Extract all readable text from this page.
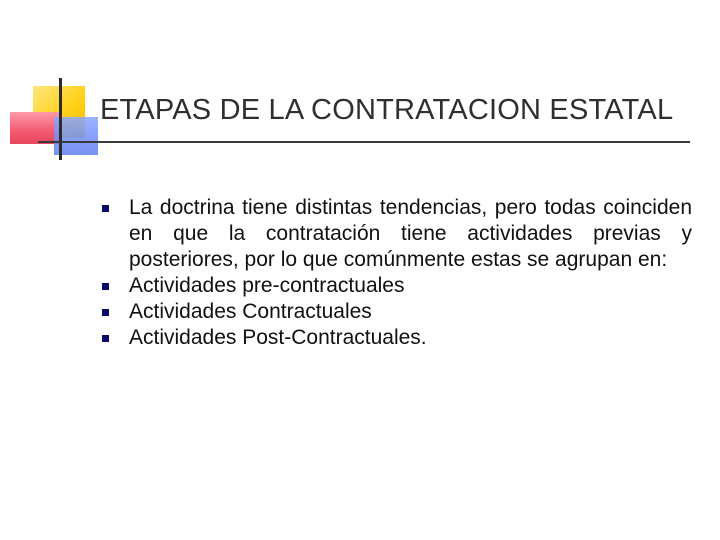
ETAPAS DE LA CONTRATACION ESTATAL
La doctrina tiene distintas tendencias, pero todas coinciden en que la contratación tiene actividades previas y posteriores, por lo que comúnmente estas se agrupan en:
Actividades pre-contractuales
Actividades Contractuales
Actividades Post-Contractuales.
